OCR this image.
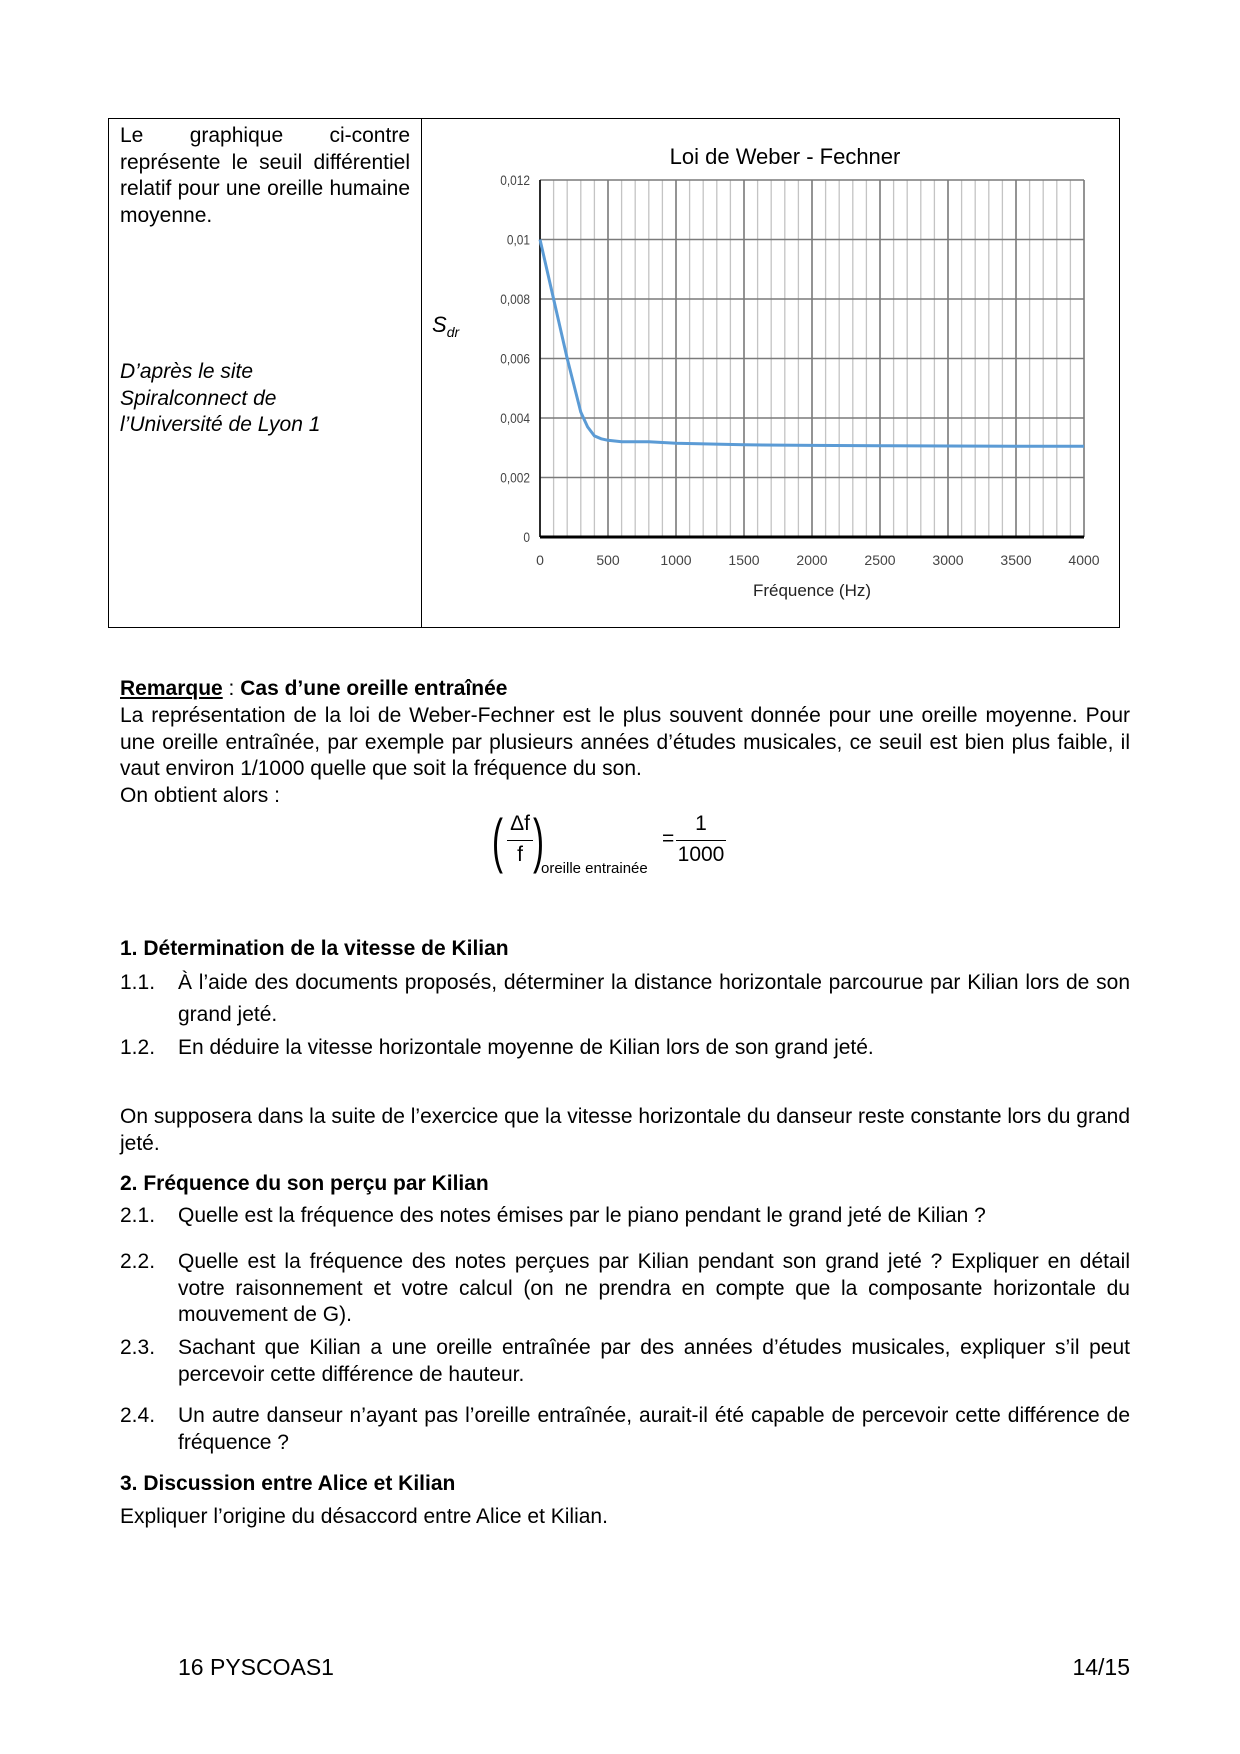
Le graphique ci-contre représente le seuil différentiel relatif pour une oreille humaine moyenne.
D’après le site
Spiralconnect de
l’Université de Lyon 1
Loi de Weber - Fechner
0
0,002
0,004
0,006
0,008
0,01
0,012
0	500	1000	1500	2000	2500	3000	3500	4000
$S_{dr}$
Fréquence (Hz)
Remarque : Cas d’une oreille entraînée
La représentation de la loi de Weber-Fechner est le plus souvent donnée pour une oreille moyenne. Pour une oreille entraînée, par exemple par plusieurs années d’études musicales, ce seuil est bien plus faible, il vaut environ 1/1000 quelle que soit la fréquence du son.
On obtient alors :
( Δf
f )
oreille entrainée
=
1
1000
1. Détermination de la vitesse de Kilian
1.1. À l’aide des documents proposés, déterminer la distance horizontale parcourue par Kilian lors de son grand jeté.
1.2. En déduire la vitesse horizontale moyenne de Kilian lors de son grand jeté.
On supposera dans la suite de l’exercice que la vitesse horizontale du danseur reste constante lors du grand jeté.
2. Fréquence du son perçu par Kilian
2.1. Quelle est la fréquence des notes émises par le piano pendant le grand jeté de Kilian ?
2.2. Quelle est la fréquence des notes perçues par Kilian pendant son grand jeté ? Expliquer en détail votre raisonnement et votre calcul (on ne prendra en compte que la composante horizontale du mouvement de G).
2.3. Sachant que Kilian a une oreille entraînée par des années d’études musicales, expliquer s’il peut percevoir cette différence de hauteur.
2.4. Un autre danseur n’ayant pas l’oreille entraînée, aurait-il été capable de percevoir cette différence de fréquence ?
3. Discussion entre Alice et Kilian
Expliquer l’origine du désaccord entre Alice et Kilian.
16 PYSCOAS1	14/15
